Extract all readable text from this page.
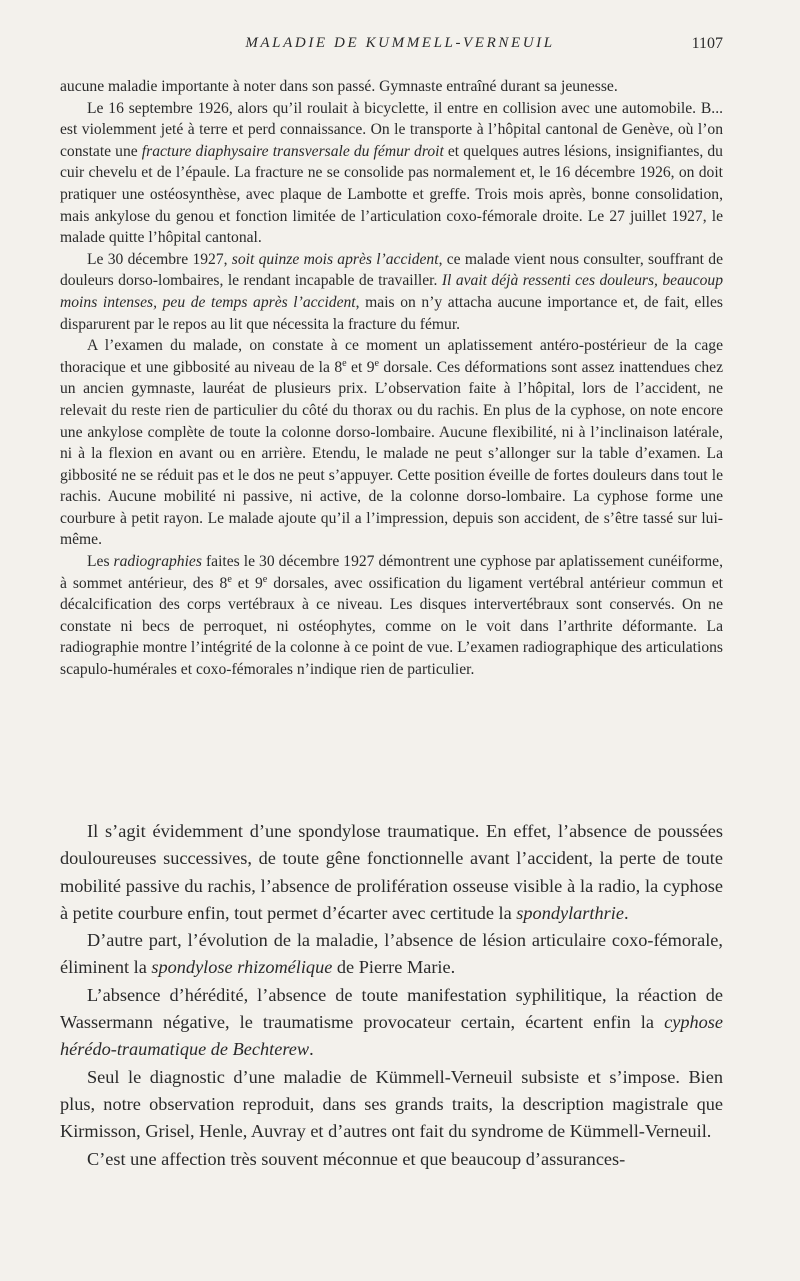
MALADIE DE KUMMELL-VERNEUIL	1107

aucune maladie importante à noter dans son passé. Gymnaste entraîné durant sa jeunesse.

Le 16 septembre 1926, alors qu’il roulait à bicyclette, il entre en collision avec une automobile. B... est violemment jeté à terre et perd connaissance. On le transporte à l’hôpital cantonal de Genève, où l’on constate une fracture diaphysaire transversale du fémur droit et quelques autres lésions, insignifiantes, du cuir chevelu et de l’épaule. La fracture ne se consolide pas normalement et, le 16 décembre 1926, on doit pratiquer une ostéosynthèse, avec plaque de Lambotte et greffe. Trois mois après, bonne consolidation, mais ankylose du genou et fonction limitée de l’articulation coxo-fémorale droite. Le 27 juillet 1927, le malade quitte l’hôpital cantonal.

Le 30 décembre 1927, soit quinze mois après l’accident, ce malade vient nous consulter, souffrant de douleurs dorso-lombaires, le rendant incapable de travailler. Il avait déjà ressenti ces douleurs, beaucoup moins intenses, peu de temps après l’accident, mais on n’y attacha aucune importance et, de fait, elles disparurent par le repos au lit que nécessita la fracture du fémur.

A l’examen du malade, on constate à ce moment un aplatissement antéro-postérieur de la cage thoracique et une gibbosité au niveau de la 8e et 9e dorsale. Ces déformations sont assez inattendues chez un ancien gymnaste, lauréat de plusieurs prix. L’observation faite à l’hôpital, lors de l’accident, ne relevait du reste rien de particulier du côté du thorax ou du rachis. En plus de la cyphose, on note encore une ankylose complète de toute la colonne dorso-lombaire. Aucune flexibilité, ni à l’inclinaison latérale, ni à la flexion en avant ou en arrière. Etendu, le malade ne peut s’allonger sur la table d’examen. La gibbosité ne se réduit pas et le dos ne peut s’appuyer. Cette position éveille de fortes douleurs dans tout le rachis. Aucune mobilité ni passive, ni active, de la colonne dorso-lombaire. La cyphose forme une courbure à petit rayon. Le malade ajoute qu’il a l’impression, depuis son accident, de s’être tassé sur lui-même.

Les radiographies faites le 30 décembre 1927 démontrent une cyphose par aplatissement cunéiforme, à sommet antérieur, des 8e et 9e dorsales, avec ossification du ligament vertébral antérieur commun et décalcification des corps vertébraux à ce niveau. Les disques intervertébraux sont conservés. On ne constate ni becs de perroquet, ni ostéophytes, comme on le voit dans l’arthrite déformante. La radiographie montre l’intégrité de la colonne à ce point de vue. L’examen radiographique des articulations scapulo-humérales et coxo-fémorales n’indique rien de particulier.

Il s’agit évidemment d’une spondylose traumatique. En effet, l’absence de poussées douloureuses successives, de toute gêne fonctionnelle avant l’accident, la perte de toute mobilité passive du rachis, l’absence de prolifération osseuse visible à la radio, la cyphose à petite courbure enfin, tout permet d’écarter avec certitude la spondylarthrie.

D’autre part, l’évolution de la maladie, l’absence de lésion articulaire coxo-fémorale, éliminent la spondylose rhizomélique de Pierre Marie.

L’absence d’hérédité, l’absence de toute manifestation syphilitique, la réaction de Wassermann négative, le traumatisme provocateur certain, écartent enfin la cyphose hérédo-traumatique de Bechterew.

Seul le diagnostic d’une maladie de Kümmell-Verneuil subsiste et s’impose. Bien plus, notre observation reproduit, dans ses grands traits, la description magistrale que Kirmisson, Grisel, Henle, Auvray et d’autres ont fait du syndrome de Kümmell-Verneuil.

C’est une affection très souvent méconnue et que beaucoup d’assurances-
